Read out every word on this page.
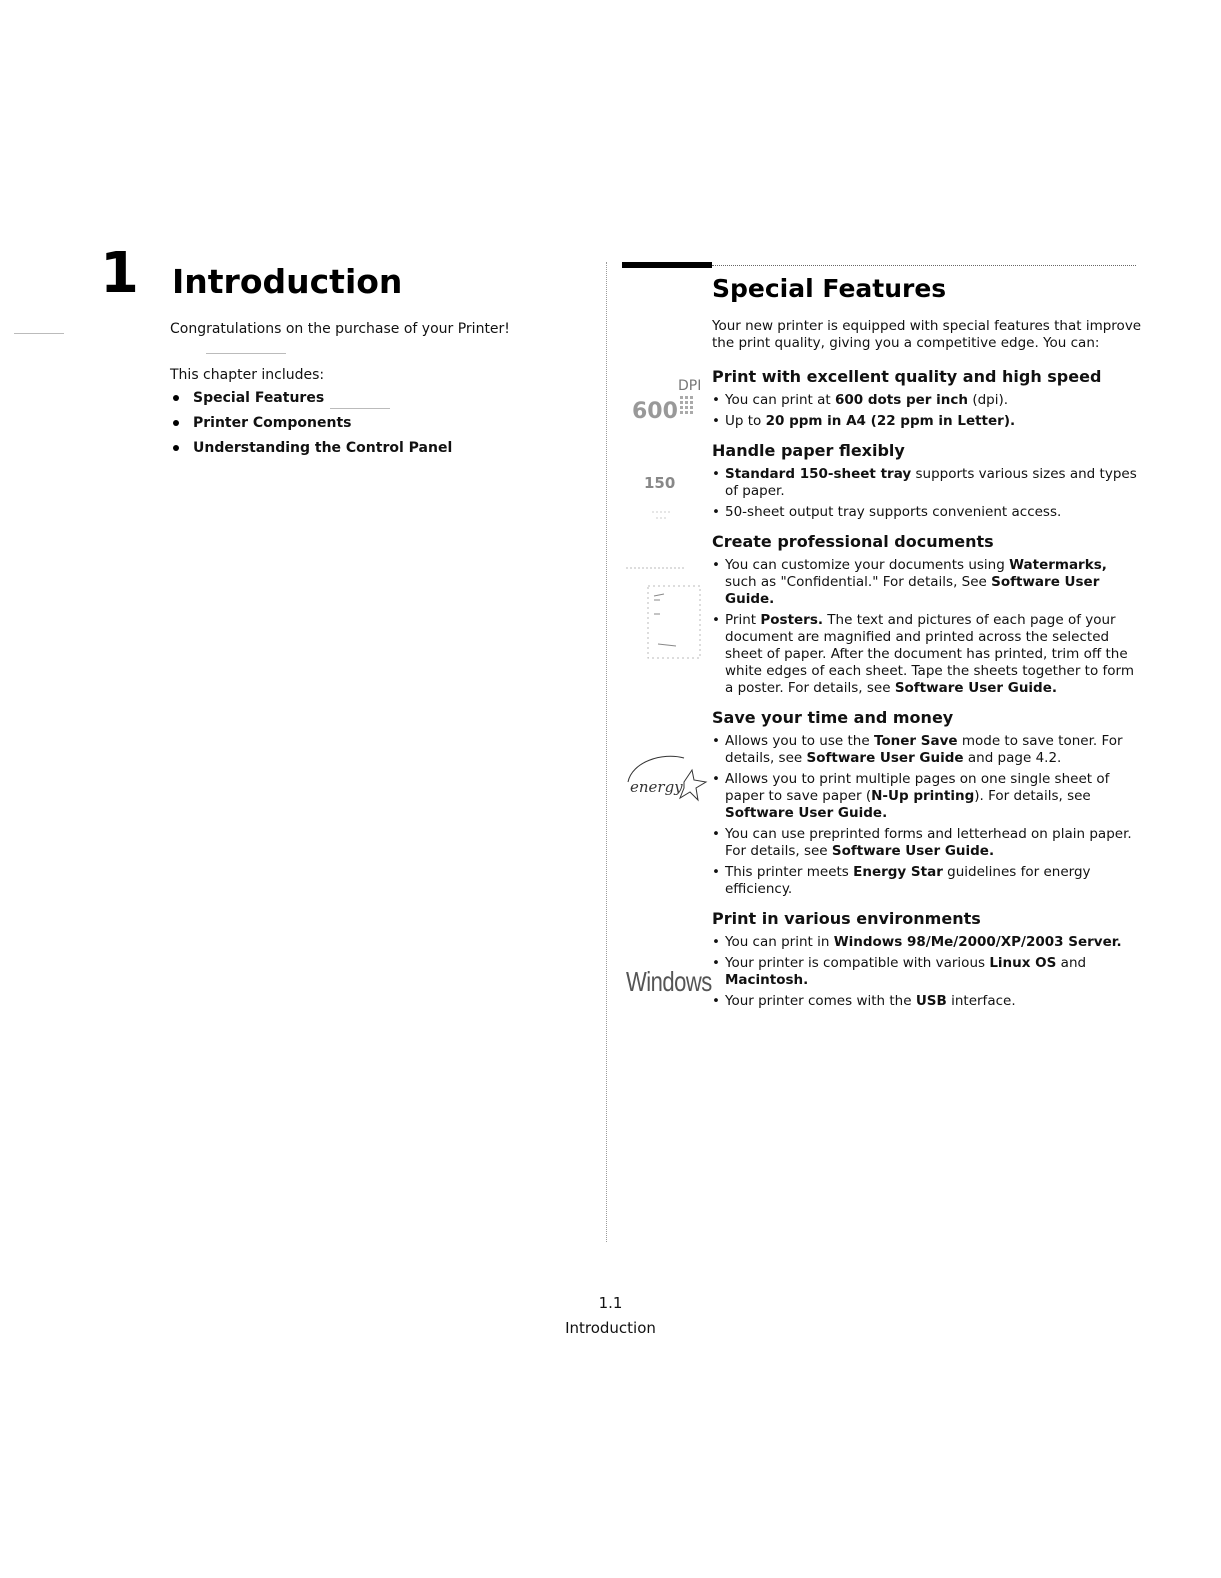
1 Introduction
Congratulations on the purchase of your Printer!
This chapter includes:
Special Features
Printer Components
Understanding the Control Panel
Special Features
Your new printer is equipped with special features that improve the print quality, giving you a competitive edge. You can:
DPI
600
150
energy
Windows
Print with excellent quality and high speed
• You can print at 600 dots per inch (dpi).
• Up to 20 ppm in A4 (22 ppm in Letter).
Handle paper flexibly
• Standard 150-sheet tray supports various sizes and types of paper.
• 50-sheet output tray supports convenient access.
Create professional documents
• You can customize your documents using Watermarks, such as "Confidential." For details, See Software User Guide.
• Print Posters. The text and pictures of each page of your document are magnified and printed across the selected sheet of paper. After the document has printed, trim off the white edges of each sheet. Tape the sheets together to form a poster. For details, see Software User Guide.
Save your time and money
• Allows you to use the Toner Save mode to save toner. For details, see Software User Guide and page 4.2.
• Allows you to print multiple pages on one single sheet of paper to save paper (N-Up printing). For details, see Software User Guide.
• You can use preprinted forms and letterhead on plain paper. For details, see Software User Guide.
• This printer meets Energy Star guidelines for energy efficiency.
Print in various environments
• You can print in Windows 98/Me/2000/XP/2003 Server.
• Your printer is compatible with various Linux OS and Macintosh.
• Your printer comes with the USB interface.
1.1
Introduction
